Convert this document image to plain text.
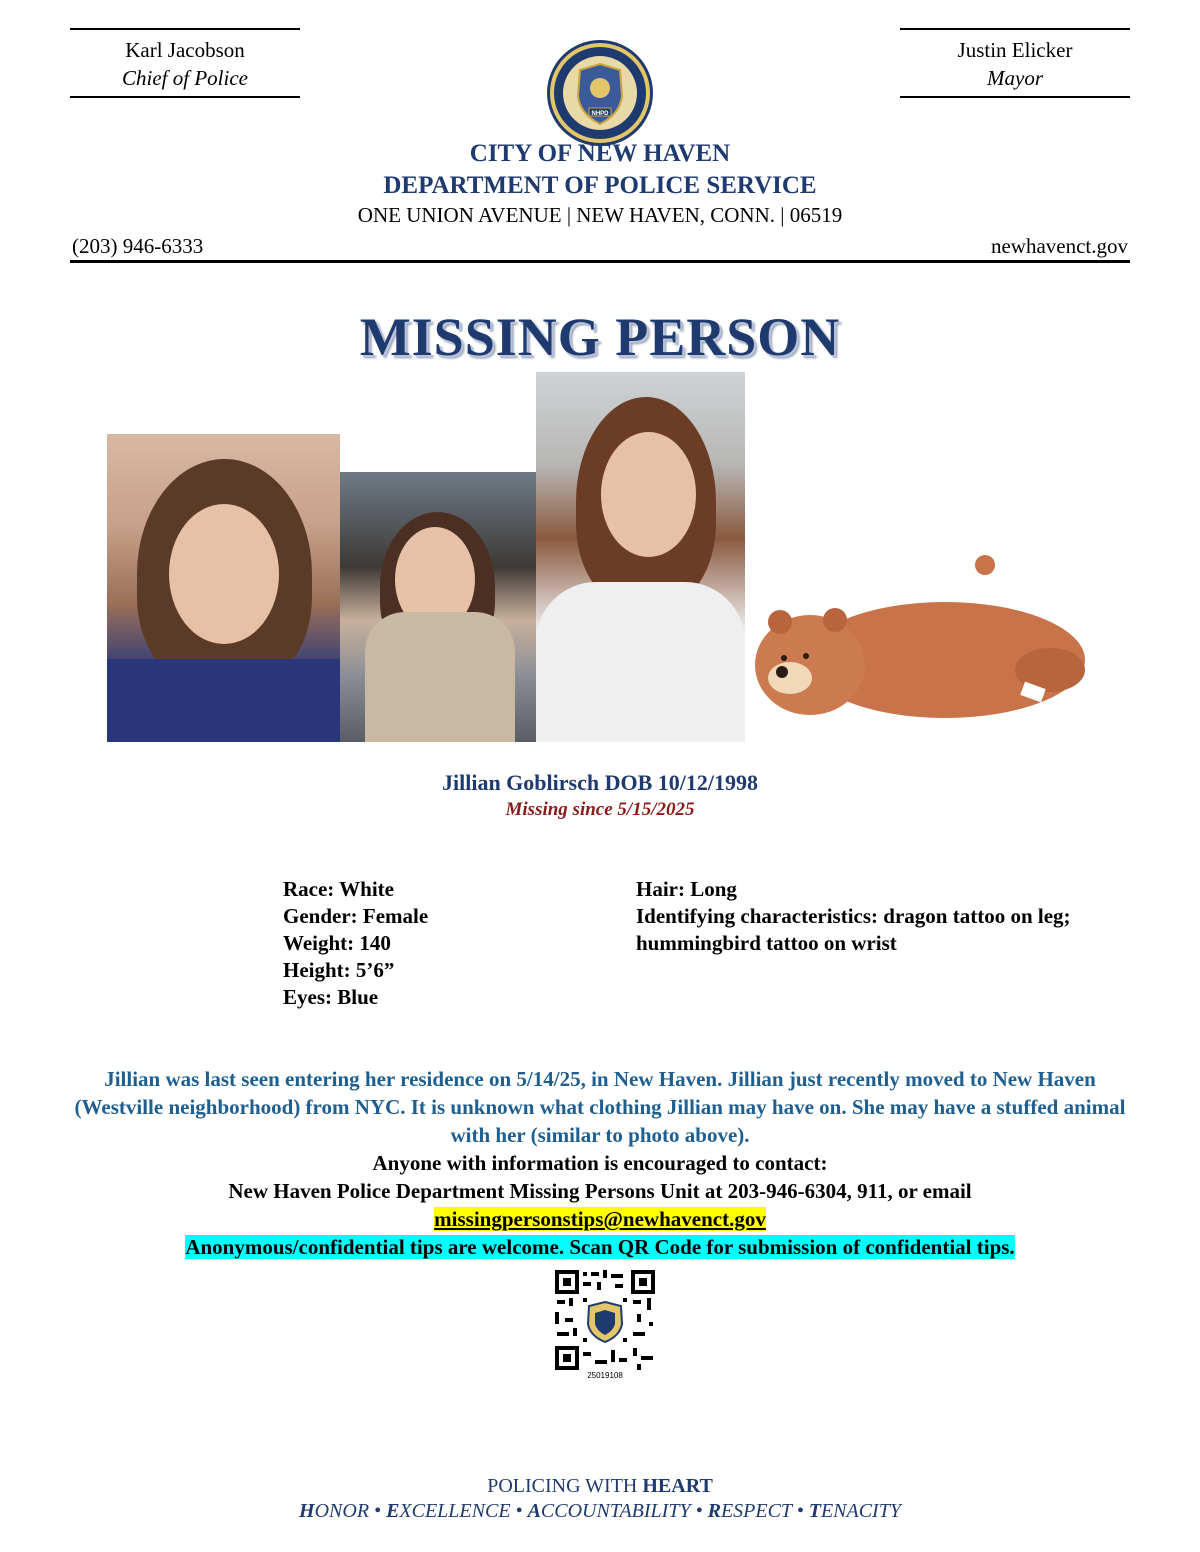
Karl Jacobson
Chief of Police
Justin Elicker
Mayor
NHPD
CITY OF NEW HAVEN
DEPARTMENT OF POLICE SERVICE
ONE UNION AVENUE | NEW HAVEN, CONN. | 06519
(203) 946-6333	newhavenct.gov
MISSING PERSON
Jillian Goblirsch DOB 10/12/1998
Missing since 5/15/2025
Race: White
Gender: Female
Weight: 140
Height: 5’6”
Eyes: Blue
Hair: Long
Identifying characteristics: dragon tattoo on leg; hummingbird tattoo on wrist
Jillian was last seen entering her residence on 5/14/25, in New Haven. Jillian just recently moved to New Haven (Westville neighborhood) from NYC. It is unknown what clothing Jillian may have on. She may have a stuffed animal with her (similar to photo above).
Anyone with information is encouraged to contact:
New Haven Police Department Missing Persons Unit at 203-946-6304, 911, or email
missingpersonstips@newhavenct.gov
Anonymous/confidential tips are welcome. Scan QR Code for submission of confidential tips.
25019108
POLICING WITH HEART
HONOR • EXCELLENCE • ACCOUNTABILITY • RESPECT • TENACITY
